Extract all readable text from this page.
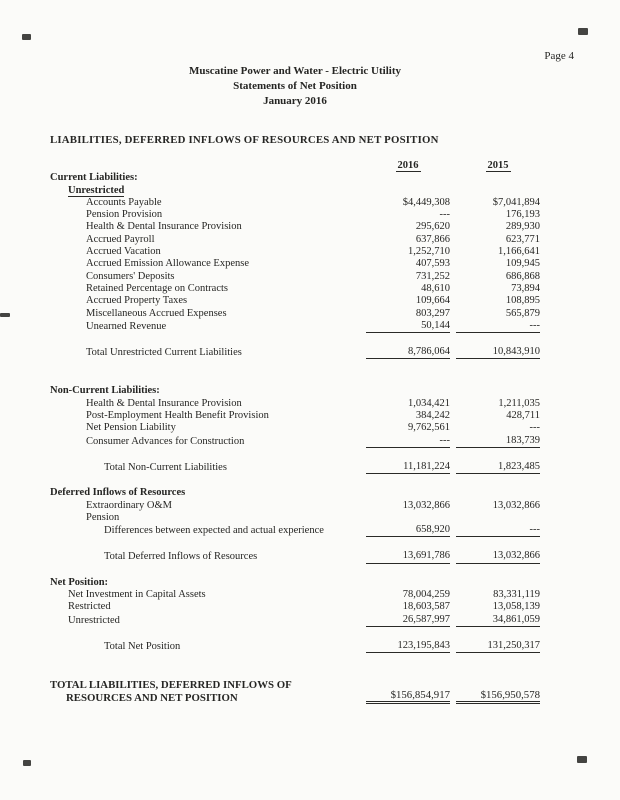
Page 4
Muscatine Power and Water - Electric Utility
Statements of Net Position
January 2016
LIABILITIES, DEFERRED INFLOWS OF RESOURCES AND NET POSITION
2016	2015
Current Liabilities:
Unrestricted
Accounts Payable	$4,449,308	$7,041,894
Pension Provision	---	176,193
Health & Dental Insurance Provision	295,620	289,930
Accrued Payroll	637,866	623,771
Accrued Vacation	1,252,710	1,166,641
Accrued Emission Allowance Expense	407,593	109,945
Consumers' Deposits	731,252	686,868
Retained Percentage on Contracts	48,610	73,894
Accrued Property Taxes	109,664	108,895
Miscellaneous Accrued Expenses	803,297	565,879
Unearned Revenue	50,144	---
Total Unrestricted Current Liabilities	8,786,064	10,843,910
Non-Current Liabilities:
Health & Dental Insurance Provision	1,034,421	1,211,035
Post-Employment Health Benefit Provision	384,242	428,711
Net Pension Liability	9,762,561	---
Consumer Advances for Construction	---	183,739
Total Non-Current Liabilities	11,181,224	1,823,485
Deferred Inflows of Resources
Extraordinary O&M	13,032,866	13,032,866
Pension
Differences between expected and actual experience	658,920	---
Total Deferred Inflows of Resources	13,691,786	13,032,866
Net Position:
Net Investment in Capital Assets	78,004,259	83,331,119
Restricted	18,603,587	13,058,139
Unrestricted	26,587,997	34,861,059
Total Net Position	123,195,843	131,250,317
TOTAL LIABILITIES, DEFERRED INFLOWS OF
RESOURCES AND NET POSITION	$156,854,917	$156,950,578
